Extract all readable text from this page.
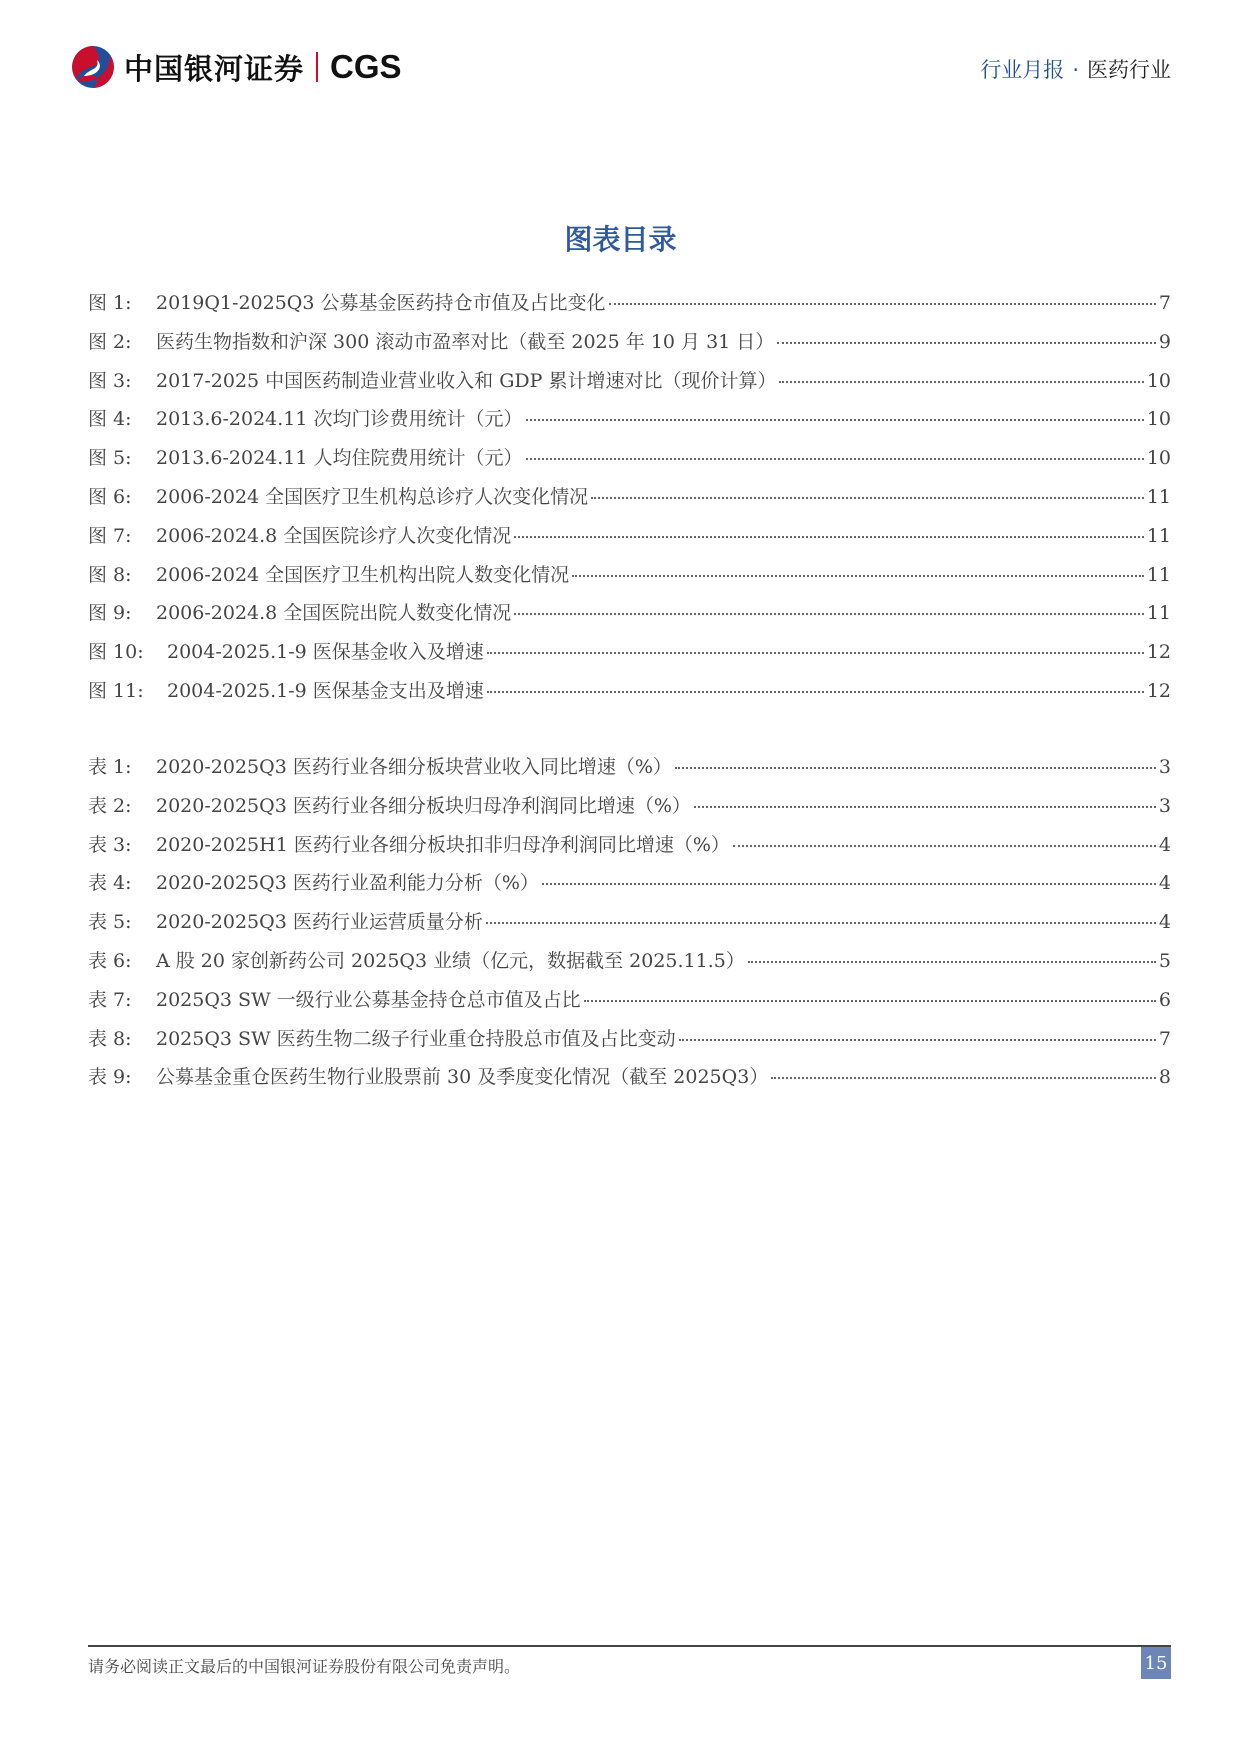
中国银河证券 CGS	行业月报 · 医药行业
图表目录
图 1:	2019Q1-2025Q3 公募基金医药持仓市值及占比变化	7
图 2:	医药生物指数和沪深 300 滚动市盈率对比（截至 2025 年 10 月 31 日）	9
图 3:	2017-2025 中国医药制造业营业收入和 GDP 累计增速对比（现价计算）	10
图 4:	2013.6-2024.11 次均门诊费用统计（元）	10
图 5:	2013.6-2024.11 人均住院费用统计（元）	10
图 6:	2006-2024 全国医疗卫生机构总诊疗人次变化情况	11
图 7:	2006-2024.8 全国医院诊疗人次变化情况	11
图 8:	2006-2024 全国医疗卫生机构出院人数变化情况	11
图 9:	2006-2024.8 全国医院出院人数变化情况	11
图 10:	2004-2025.1-9 医保基金收入及增速	12
图 11:	2004-2025.1-9 医保基金支出及增速	12
表 1:	2020-2025Q3 医药行业各细分板块营业收入同比增速（%）	3
表 2:	2020-2025Q3 医药行业各细分板块归母净利润同比增速（%）	3
表 3:	2020-2025H1 医药行业各细分板块扣非归母净利润同比增速（%）	4
表 4:	2020-2025Q3 医药行业盈利能力分析（%）	4
表 5:	2020-2025Q3 医药行业运营质量分析	4
表 6:	A 股 20 家创新药公司 2025Q3 业绩（亿元，数据截至 2025.11.5）	5
表 7:	2025Q3 SW 一级行业公募基金持仓总市值及占比	6
表 8:	2025Q3 SW 医药生物二级子行业重仓持股总市值及占比变动	7
表 9:	公募基金重仓医药生物行业股票前 30 及季度变化情况（截至 2025Q3）	8
请务必阅读正文最后的中国银河证券股份有限公司免责声明。	15
